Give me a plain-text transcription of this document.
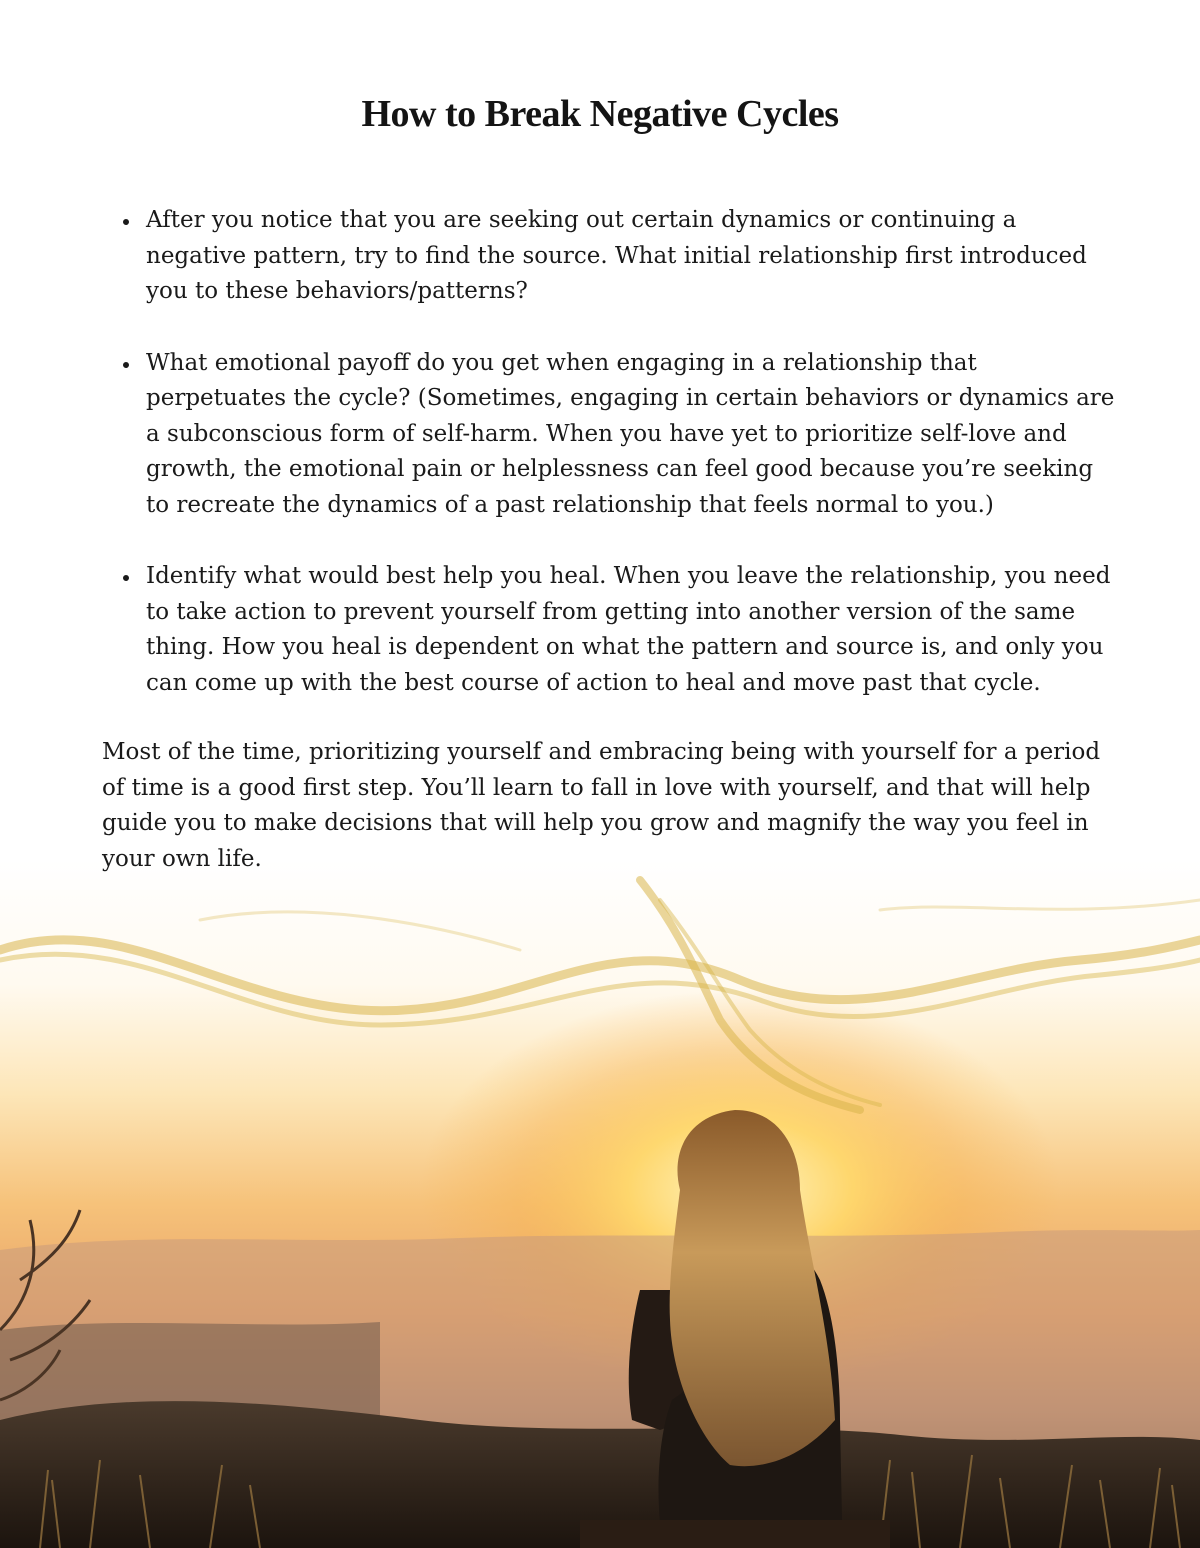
How to Break Negative Cycles
After you notice that you are seeking out certain dynamics or continuing a negative pattern, try to find the source. What initial relationship first introduced you to these behaviors/patterns?
What emotional payoff do you get when engaging in a relationship that perpetuates the cycle? (Sometimes, engaging in certain behaviors or dynamics are a subconscious form of self-harm. When you have yet to prioritize self-love and growth, the emotional pain or helplessness can feel good because you’re seeking to recreate the dynamics of a past relationship that feels normal to you.)
Identify what would best help you heal. When you leave the relationship, you need to take action to prevent yourself from getting into another version of the same thing. How you heal is dependent on what the pattern and source is, and only you can come up with the best course of action to heal and move past that cycle.

Most of the time, prioritizing yourself and embracing being with yourself for a period of time is a good first step. You’ll learn to fall in love with yourself, and that will help guide you to make decisions that will help you grow and magnify the way you feel in your own life.
